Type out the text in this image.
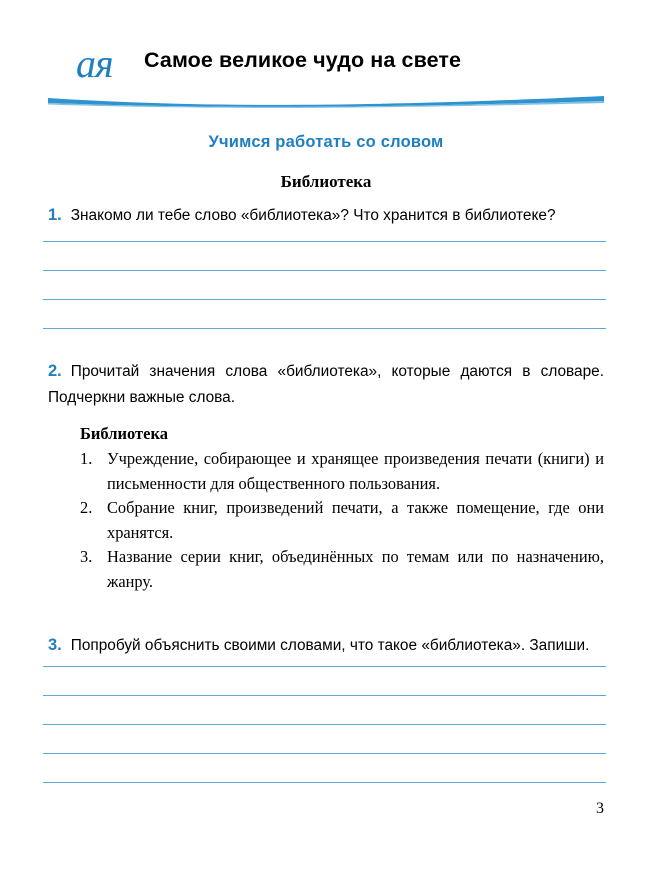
ая	Самое великое чудо на свете
Учимся работать со словом
Библиотека
1. Знакомо ли тебе слово «библиотека»? Что хранится в библиотеке?
2. Прочитай значения слова «библиотека», которые даются в словаре. Подчеркни важные слова.
Библиотека
1. Учреждение, собирающее и хранящее произведения печати (книги) и письменности для общественного пользования.
2. Собрание книг, произведений печати, а также помещение, где они хранятся.
3. Название серии книг, объединённых по темам или по назначению, жанру.
3. Попробуй объяснить своими словами, что такое «библиотека». Запиши.
3
